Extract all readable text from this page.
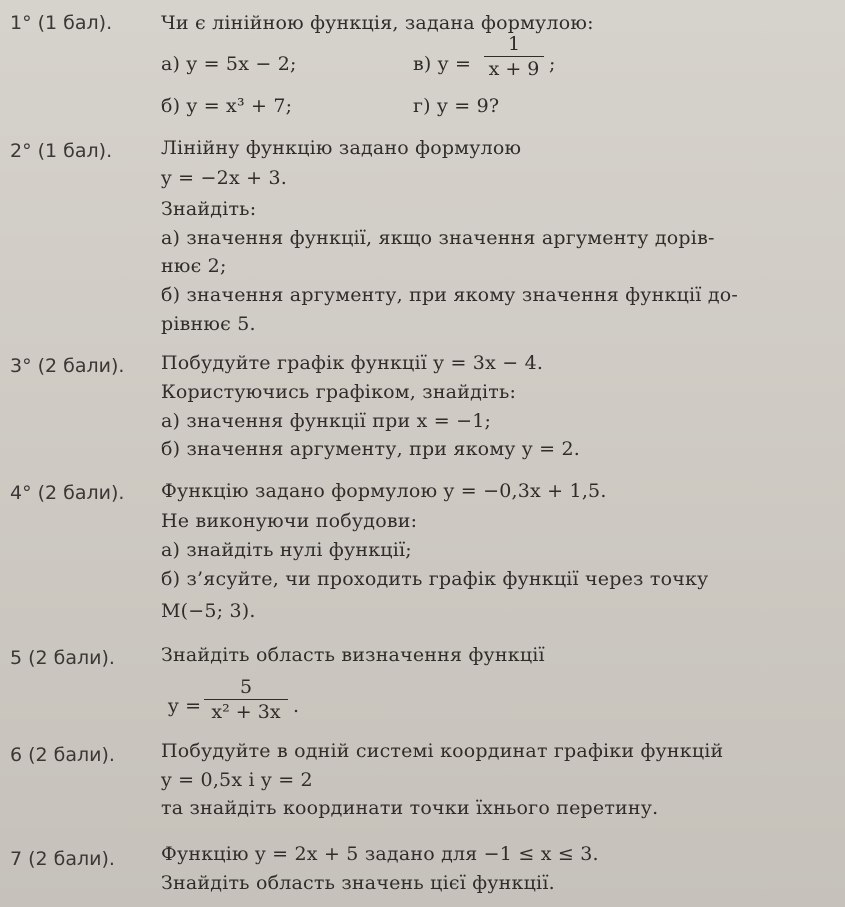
1° (1 бал).	Чи є лінійною функція, задана формулою:
а) y = 5x − 2;	в) y =
1
x + 9 ;
б) y = x³ + 7;	г) y = 9?
2° (1 бал).	Лінійну функцію задано формулою
y = −2x + 3.
Знайдіть:
а) значення функції, якщо значення аргументу дорів-
нює 2;
б) значення аргументу, при якому значення функції до-
рівнює 5.
3° (2 бали). Побудуйте графік функції y = 3x − 4.
Користуючись графіком, знайдіть:
а) значення функції при x = −1;
б) значення аргументу, при якому y = 2.
4° (2 бали). Функцію задано формулою y = −0,3x + 1,5.
Не виконуючи побудови:
а) знайдіть нулі функції;
б) з’ясуйте, чи проходить графік функції через точку
M(−5; 3).
5 (2 бали). Знайдіть область визначення функції
y =
5
x² + 3x .
6 (2 бали). Побудуйте в одній системі координат графіки функцій
y = 0,5x і y = 2
та знайдіть координати точки їхнього перетину.
7 (2 бали). Функцію y = 2x + 5 задано для −1 ≤ x ≤ 3.
Знайдіть область значень цієї функції.
